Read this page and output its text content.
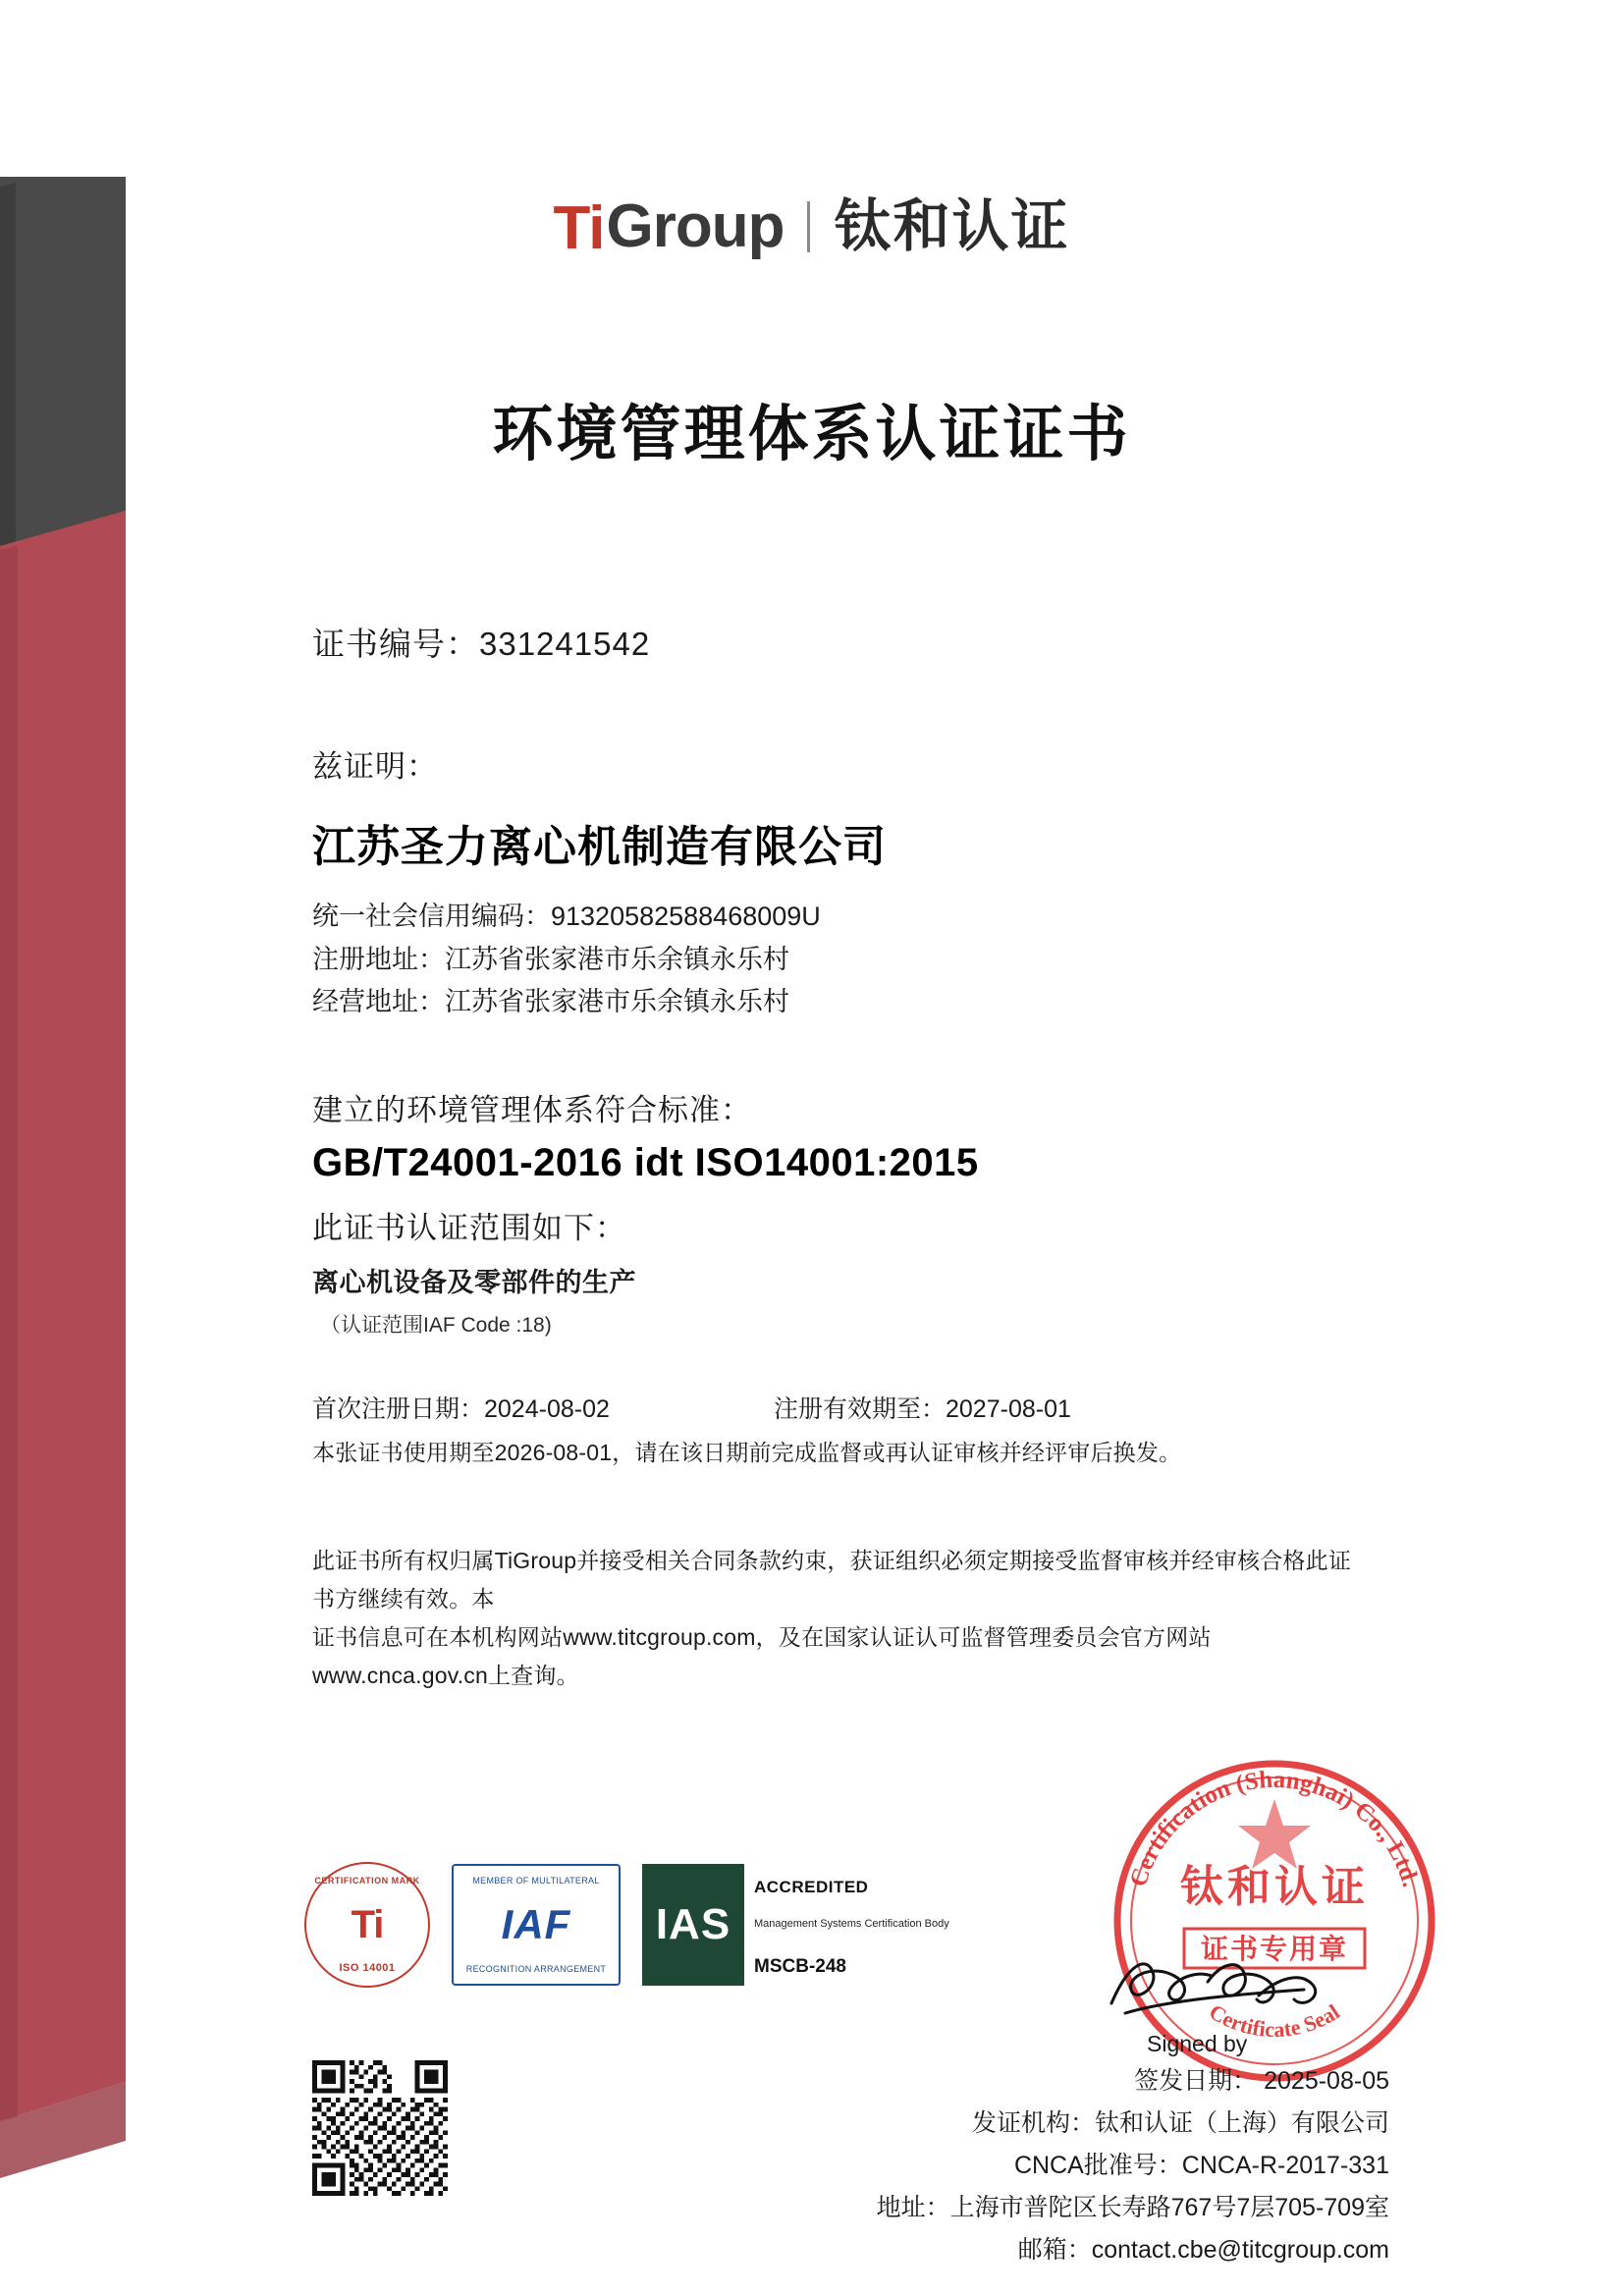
Ti Group 钛和认证
环境管理体系认证证书
证书编号：331241542
兹证明：
江苏圣力离心机制造有限公司
统一社会信用编码：91320582588468009U
注册地址：江苏省张家港市乐余镇永乐村
经营地址：江苏省张家港市乐余镇永乐村
建立的环境管理体系符合标准：
GB/T24001-2016 idt ISO14001:2015
此证书认证范围如下：
离心机设备及零部件的生产
（认证范围IAF Code :18)
首次注册日期：2024-08-02	注册有效期至：2027-08-01
本张证书使用期至2026-08-01，请在该日期前完成监督或再认证审核并经评审后换发。
此证书所有权归属TiGroup并接受相关合同条款约束，获证组织必须定期接受监督审核并经审核合格此证书方继续有效。本
证书信息可在本机构网站www.titcgroup.com，及在国家认证认可监督管理委员会官方网站www.cnca.gov.cn上查询。
CERTIFICATION MARK
Ti
ISO 14001
MEMBER OF MULTILATERAL
IAF
RECOGNITION ARRANGEMENT
IAS
ACCREDITED
Management Systems Certification Body
MSCB-248
Certification (Shanghai) Co., Ltd.
Certificate Seal
钛和认证
证书专用章
Signed by
签发日期： 2025-08-05
发证机构：钛和认证（上海）有限公司
CNCA批准号：CNCA-R-2017-331
地址：上海市普陀区长寿路767号7层705-709室
邮箱：contact.cbe@titcgroup.com
